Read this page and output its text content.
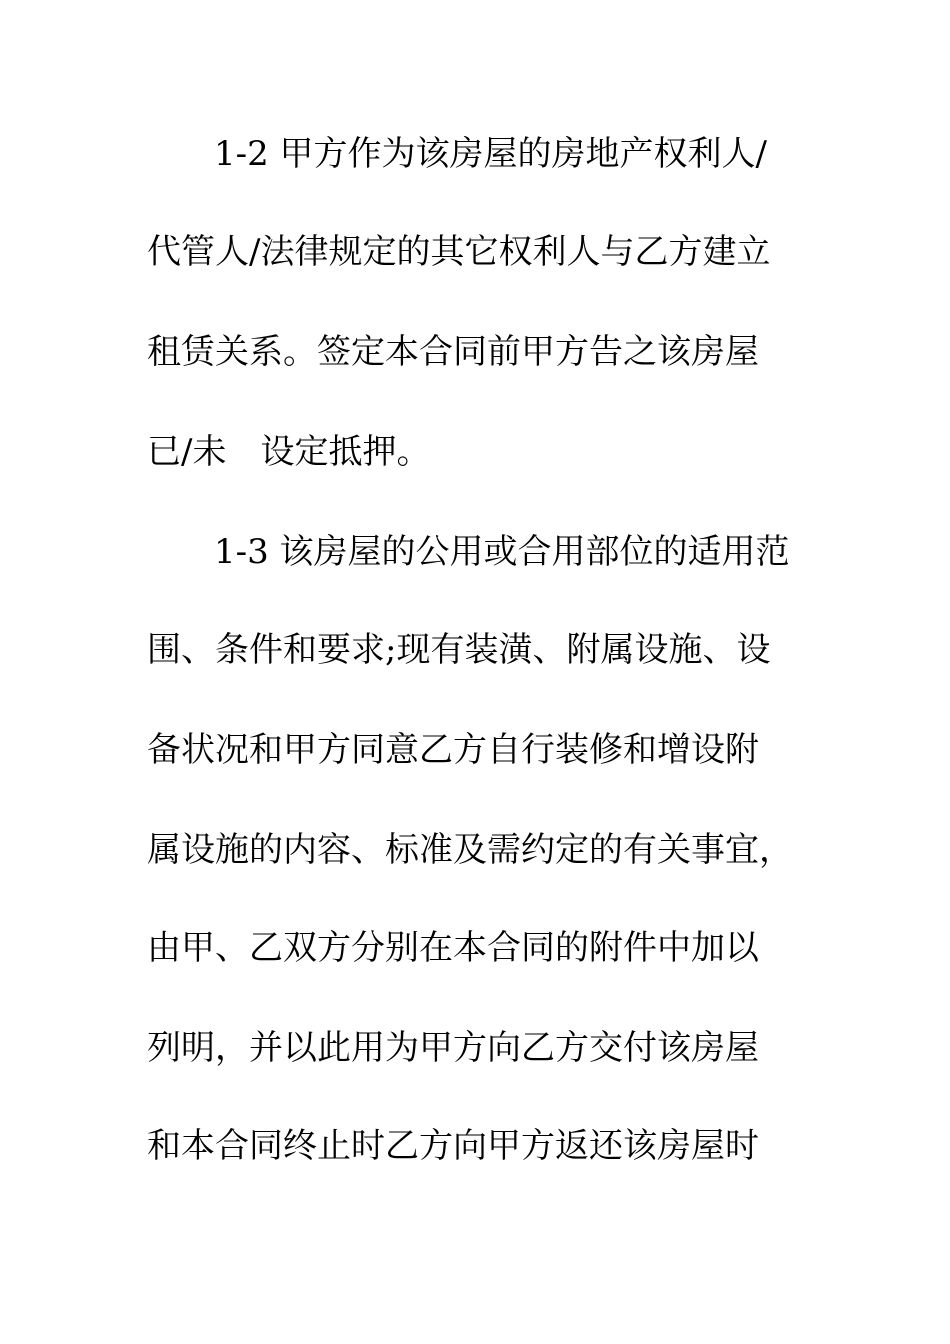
1-2 甲方作为该房屋的房地产权利人/
代管人/法律规定的其它权利人与乙方建立
租赁关系。签定本合同前甲方告之该房屋
已/未　设定抵押。
1-3 该房屋的公用或合用部位的适用范
围、条件和要求;现有装潢、附属设施、设
备状况和甲方同意乙方自行装修和增设附
属设施的内容、标准及需约定的有关事宜，
由甲、乙双方分别在本合同的附件中加以
列明，并以此用为甲方向乙方交付该房屋
和本合同终止时乙方向甲方返还该房屋时
